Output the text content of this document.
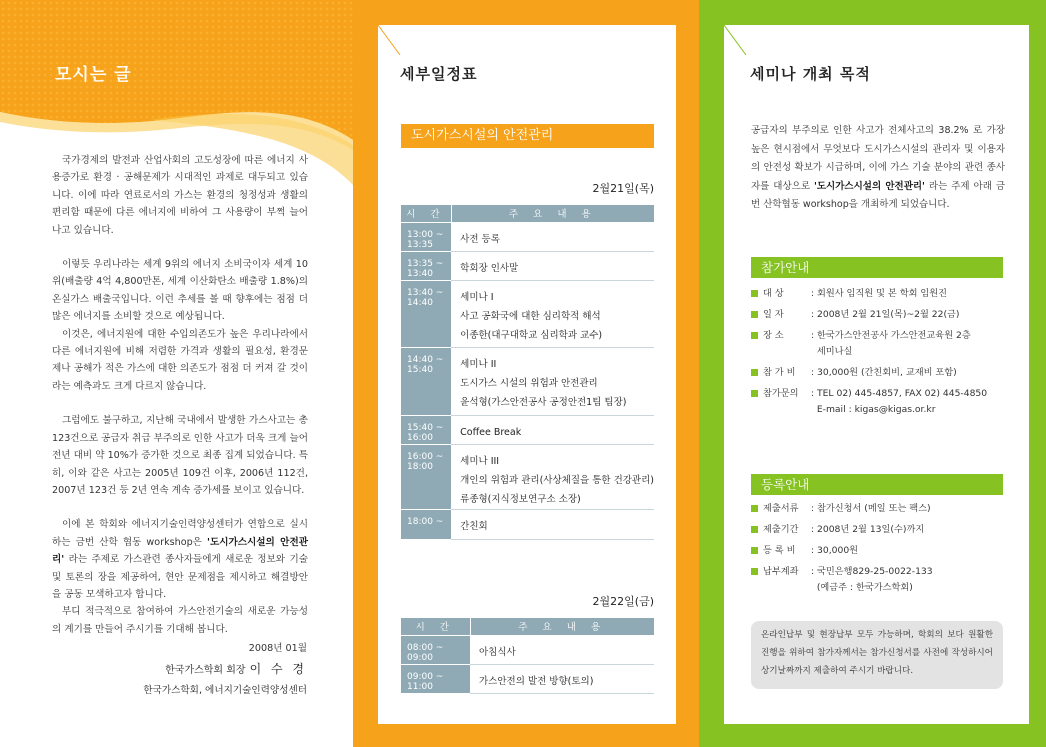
모시는 글

국가경제의 발전과 산업사회의 고도성장에 따른 에너지 사용증가로 환경 · 공해문제가 시대적인 과제로 대두되고 있습니다. 이에 따라 연료로서의 가스는 환경의 청정성과 생활의 편리함 때문에 다른 에너지에 비하여 그 사용량이 부쩍 늘어나고 있습니다.

이렇듯 우리나라는 세계 9위의 에너지 소비국이자 세계 10위(배출량 4억 4,800만톤, 세계 이산화탄소 배출량 1.8%)의 온실가스 배출국입니다. 이런 추세를 볼 때 향후에는 점점 더 많은 에너지를 소비할 것으로 예상됩니다.

이것은, 에너지원에 대한 수입의존도가 높은 우리나라에서 다른 에너지원에 비해 저렴한 가격과 생활의 필요성, 환경문제나 공해가 적은 가스에 대한 의존도가 점점 더 커져 갈 것이라는 예측과도 크게 다르지 않습니다.

그럼에도 불구하고, 지난해 국내에서 발생한 가스사고는 총 123건으로 공급자 취급 부주의로 인한 사고가 더욱 크게 늘어 전년 대비 약 10%가 증가한 것으로 최종 집계 되었습니다. 특히, 이와 같은 사고는 2005년 109건 이후, 2006년 112건, 2007년 123건 등 2년 연속 계속 증가세를 보이고 있습니다.

이에 본 학회와 에너지기술인력양성센터가 연합으로 실시하는 금번 산학 협동 workshop은 '도시가스시설의 안전관리' 라는 주제로 가스관련 종사자들에게 새로운 정보와 기술 및 토론의 장을 제공하여, 현안 문제점을 제시하고 해결방안을 공동 모색하고자 합니다.

부디 적극적으로 참여하여 가스안전기술의 새로운 가능성의 계기를 만들어 주시기를 기대해 봅니다.

2008년 01월
한국가스학회 회장 이 수 경
한국가스학회, 에너지기술인력양성센터
세부일정표
도시가스시설의 안전관리
2월21일(목)
시 간	주 요 내 용
13:00 ~ 13:35	사전 등록

13:35 ~ 13:40	학회장 인사말

13:40 ~ 14:40	세미나 I
사고 공화국에 대한 심리학적 해석
이종한(대구대학교 심리학과 교수)

14:40 ~ 15:40	세미나 II
도시가스 시설의 위험과 안전관리
윤석형(가스안전공사 공정안전1팀 팀장)

15:40 ~ 16:00	Coffee Break

16:00 ~ 18:00	세미나 III
개인의 위험과 관리(사상체질을 통한 건강관리)
류종형(지식정보연구소 소장)

18:00 ~	간친회
2월22일(금)
시 간	주 요 내 용
08:00 ~ 09:00	아침식사

09:00 ~ 11:00	가스안전의 발전 방향(토의)
세미나 개최 목적

공급자의 부주의로 인한 사고가 전체사고의 38.2% 로 가장 높은 현시점에서 무엇보다 도시가스시설의 관리자 및 이용자의 안전성 확보가 시급하며, 이에 가스 기술 분야의 관련 종사자를 대상으로 '도시가스시설의 안전관리' 라는 주제 아래 금번 산학협동 workshop을 개최하게 되었습니다.

참가안내
대 상	: 회원사 임직원 및 본 학회 임원진
일 자	: 2008년 2월 21일(목)~2월 22(금)
장 소	: 한국가스안전공사 가스안전교육원 2층
세미나실
참 가 비	: 30,000원 (간친회비, 교재비 포함)
참가문의	: TEL 02) 445-4857, FAX 02) 445-4850
E-mail : kigas@kigas.or.kr
등록안내
제출서류	: 참가신청서 (메일 또는 팩스)
제출기간	: 2008년 2월 13일(수)까지
등 록 비	: 30,000원
납부계좌	: 국민은행829-25-0022-133
(예금주 : 한국가스학회)
온라인납부 및 현장납부 모두 가능하며, 학회의 보다 원활한 진행을 위하여 참가자께서는 참가신청서를 사전에 작성하시어 상기날짜까지 제출하여 주시기 바랍니다.
